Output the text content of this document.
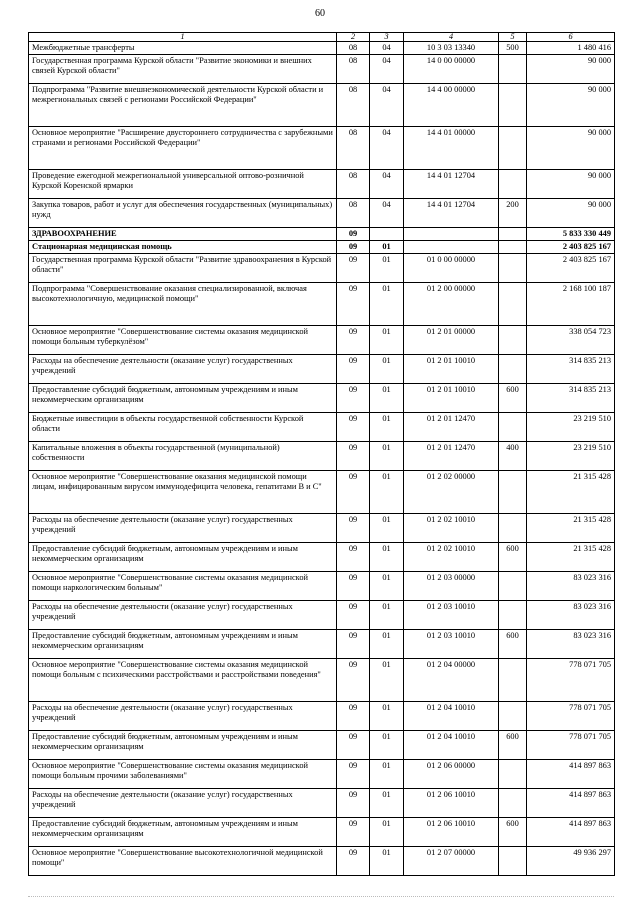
60
1	2	3	4	5	6
Межбюджетные трансферты	08	04	10 3 03 13340	500	1 480 416
Государственная программа Курской области "Развитие экономики и внешних связей Курской области"	08	04	14 0 00 00000		90 000
Подпрограмма "Развитие внешнеэкономической деятельности Курской области и межрегиональных связей с регионами Российской Федерации"	08	04	14 4 00 00000		90 000
Основное мероприятие "Расширение двустороннего сотрудничества с зарубежными странами и регионами Российской Федерации"	08	04	14 4 01 00000		90 000
Проведение ежегодной межрегиональной универсальной оптово-розничной Курской Коренской ярмарки	08	04	14 4 01 12704		90 000
Закупка товаров, работ и услуг для обеспечения государственных (муниципальных) нужд	08	04	14 4 01 12704	200	90 000
ЗДРАВООХРАНЕНИЕ	09				5 833 330 449
Стационарная медицинская помощь	09	01			2 403 825 167
Государственная программа Курской области "Развитие здравоохранения в Курской области"	09	01	01 0 00 00000		2 403 825 167
Подпрограмма "Совершенствование оказания специализированной, включая высокотехнологичную, медицинской помощи"	09	01	01 2 00 00000		2 168 100 187
Основное мероприятие "Совершенствование системы оказания медицинской помощи больным туберкулёзом"	09	01	01 2 01 00000		338 054 723
Расходы на обеспечение деятельности (оказание услуг) государственных учреждений	09	01	01 2 01 10010		314 835 213
Предоставление субсидий бюджетным, автономным учреждениям и иным некоммерческим организациям	09	01	01 2 01 10010	600	314 835 213
Бюджетные инвестиции в объекты государственной собственности Курской области	09	01	01 2 01 12470		23 219 510
Капитальные вложения в объекты государственной (муниципальной) собственности	09	01	01 2 01 12470	400	23 219 510
Основное мероприятие "Совершенствование оказания медицинской помощи лицам, инфицированным вирусом иммунодефицита человека, гепатитами В и С"	09	01	01 2 02 00000		21 315 428
Расходы на обеспечение деятельности (оказание услуг) государственных учреждений	09	01	01 2 02 10010		21 315 428
Предоставление субсидий бюджетным, автономным учреждениям и иным некоммерческим организациям	09	01	01 2 02 10010	600	21 315 428
Основное мероприятие "Совершенствование системы оказания медицинской помощи наркологическим больным"	09	01	01 2 03 00000		83 023 316
Расходы на обеспечение деятельности (оказание услуг) государственных учреждений	09	01	01 2 03 10010		83 023 316
Предоставление субсидий бюджетным, автономным учреждениям и иным некоммерческим организациям	09	01	01 2 03 10010	600	83 023 316
Основное мероприятие "Совершенствование системы оказания медицинской помощи больным с психическими расстройствами и расстройствами поведения"	09	01	01 2 04 00000		778 071 705
Расходы на обеспечение деятельности (оказание услуг) государственных учреждений	09	01	01 2 04 10010		778 071 705
Предоставление субсидий бюджетным, автономным учреждениям и иным некоммерческим организациям	09	01	01 2 04 10010	600	778 071 705
Основное мероприятие "Совершенствование системы оказания медицинской помощи больным прочими заболеваниями"	09	01	01 2 06 00000		414 897 863
Расходы на обеспечение деятельности (оказание услуг) государственных учреждений	09	01	01 2 06 10010		414 897 863
Предоставление субсидий бюджетным, автономным учреждениям и иным некоммерческим организациям	09	01	01 2 06 10010	600	414 897 863
Основное мероприятие "Совершенствование высокотехнологичной медицинской помощи"	09	01	01 2 07 00000		49 936 297
